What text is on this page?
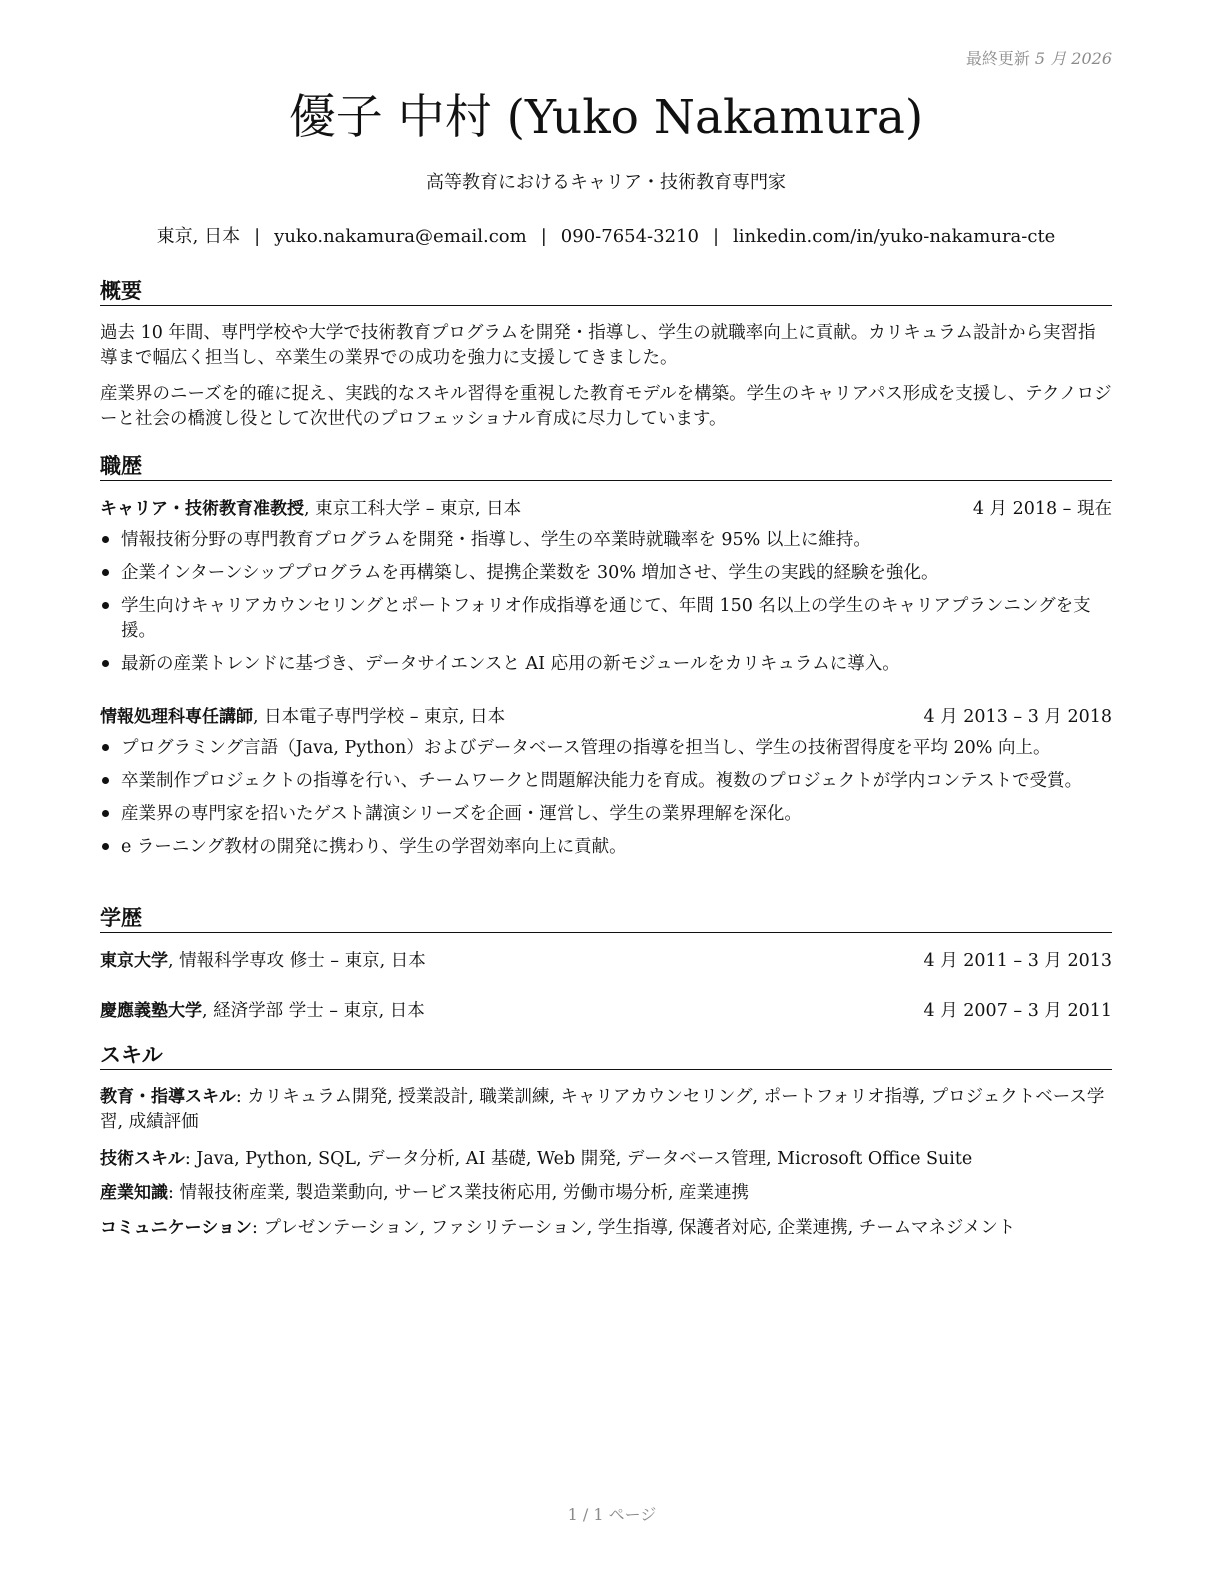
最終更新 5 月 2026
優子 中村 (Yuko Nakamura)
高等教育におけるキャリア・技術教育専門家
東京, 日本 | yuko.nakamura@email.com | 090-7654-3210 | linkedin.com/in/yuko-nakamura-cte
概要
過去 10 年間、専門学校や大学で技術教育プログラムを開発・指導し、学生の就職率向上に貢献。カリキュラム設計から実習指導まで幅広く担当し、卒業生の業界での成功を強力に支援してきました。
産業界のニーズを的確に捉え、実践的なスキル習得を重視した教育モデルを構築。学生のキャリアパス形成を支援し、テクノロジーと社会の橋渡し役として次世代のプロフェッショナル育成に尽力しています。
職歴
キャリア・技術教育准教授, 東京工科大学 – 東京, 日本	4 月 2018 – 現在
情報技術分野の専門教育プログラムを開発・指導し、学生の卒業時就職率を 95% 以上に維持。
企業インターンシッププログラムを再構築し、提携企業数を 30% 増加させ、学生の実践的経験を強化。
学生向けキャリアカウンセリングとポートフォリオ作成指導を通じて、年間 150 名以上の学生のキャリアプランニングを支援。
最新の産業トレンドに基づき、データサイエンスと AI 応用の新モジュールをカリキュラムに導入。
情報処理科専任講師, 日本電子専門学校 – 東京, 日本	4 月 2013 – 3 月 2018
プログラミング言語（Java, Python）およびデータベース管理の指導を担当し、学生の技術習得度を平均 20% 向上。
卒業制作プロジェクトの指導を行い、チームワークと問題解決能力を育成。複数のプロジェクトが学内コンテストで受賞。
産業界の専門家を招いたゲスト講演シリーズを企画・運営し、学生の業界理解を深化。
e ラーニング教材の開発に携わり、学生の学習効率向上に貢献。
学歴
東京大学, 情報科学専攻 修士 – 東京, 日本	4 月 2011 – 3 月 2013
慶應義塾大学, 経済学部 学士 – 東京, 日本	4 月 2007 – 3 月 2011
スキル
教育・指導スキル: カリキュラム開発, 授業設計, 職業訓練, キャリアカウンセリング, ポートフォリオ指導, プロジェクトベース学習, 成績評価
技術スキル: Java, Python, SQL, データ分析, AI 基礎, Web 開発, データベース管理, Microsoft Office Suite
産業知識: 情報技術産業, 製造業動向, サービス業技術応用, 労働市場分析, 産業連携
コミュニケーション: プレゼンテーション, ファシリテーション, 学生指導, 保護者対応, 企業連携, チームマネジメント
1 / 1 ページ
